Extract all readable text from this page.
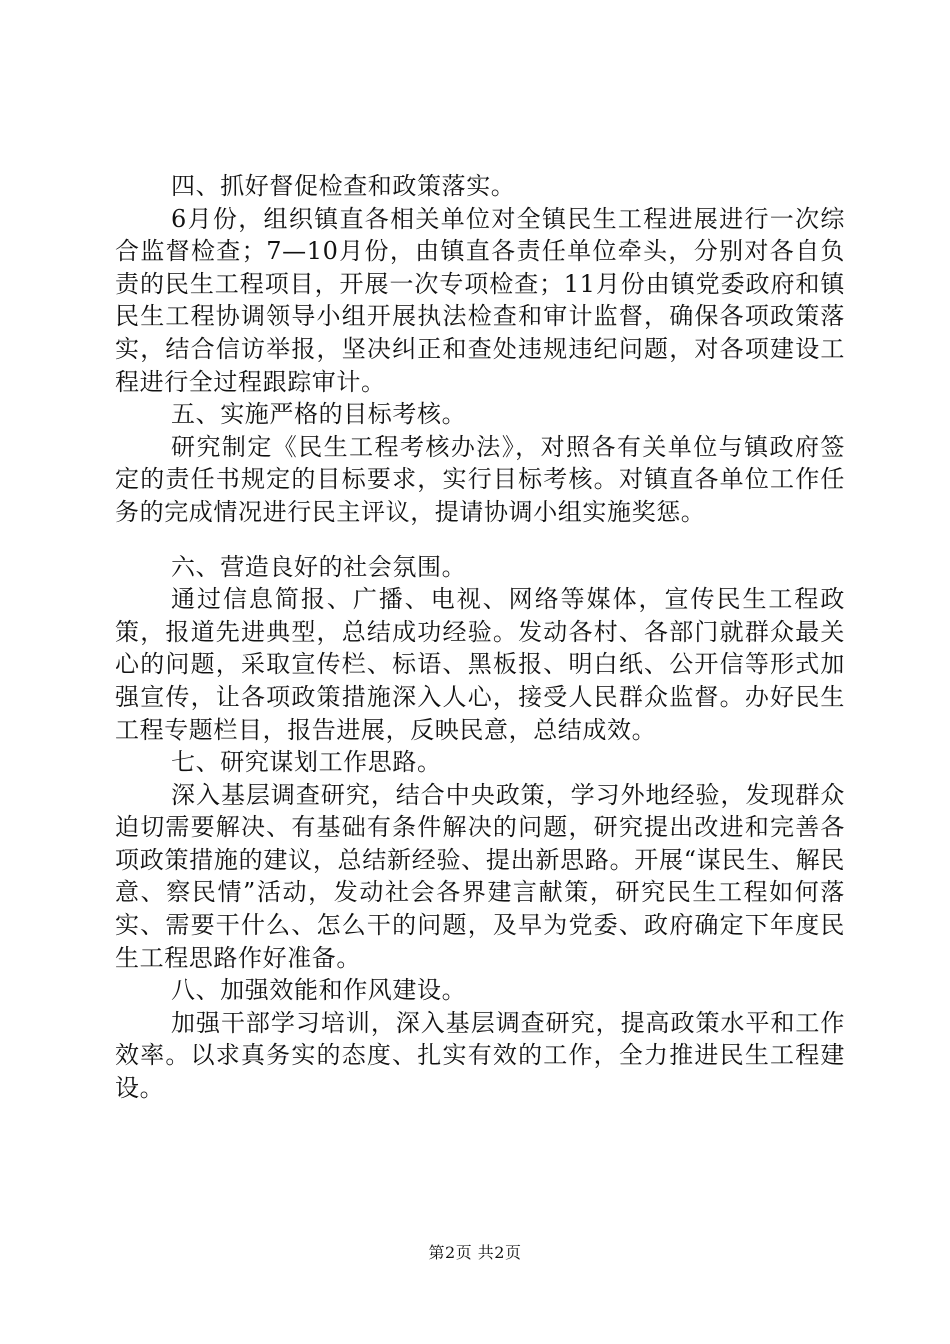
四、抓好督促检查和政策落实。

6月份，组织镇直各相关单位对全镇民生工程进展进行一次综合监督检查；7—10月份，由镇直各责任单位牵头，分别对各自负责的民生工程项目，开展一次专项检查；11月份由镇党委政府和镇民生工程协调领导小组开展执法检查和审计监督，确保各项政策落实，结合信访举报，坚决纠正和查处违规违纪问题，对各项建设工程进行全过程跟踪审计。

五、实施严格的目标考核。

研究制定《民生工程考核办法》，对照各有关单位与镇政府签定的责任书规定的目标要求，实行目标考核。对镇直各单位工作任务的完成情况进行民主评议，提请协调小组实施奖惩。

六、营造良好的社会氛围。

通过信息简报、广播、电视、网络等媒体，宣传民生工程政策，报道先进典型，总结成功经验。发动各村、各部门就群众最关心的问题，采取宣传栏、标语、黑板报、明白纸、公开信等形式加强宣传，让各项政策措施深入人心，接受人民群众监督。办好民生工程专题栏目，报告进展，反映民意，总结成效。

七、研究谋划工作思路。

深入基层调查研究，结合中央政策，学习外地经验，发现群众迫切需要解决、有基础有条件解决的问题，研究提出改进和完善各项政策措施的建议，总结新经验、提出新思路。开展“谋民生、解民意、察民情”活动，发动社会各界建言献策，研究民生工程如何落实、需要干什么、怎么干的问题，及早为党委、政府确定下年度民生工程思路作好准备。

八、加强效能和作风建设。

加强干部学习培训，深入基层调查研究，提高政策水平和工作效率。以求真务实的态度、扎实有效的工作，全力推进民生工程建设。

第2页 共2页
